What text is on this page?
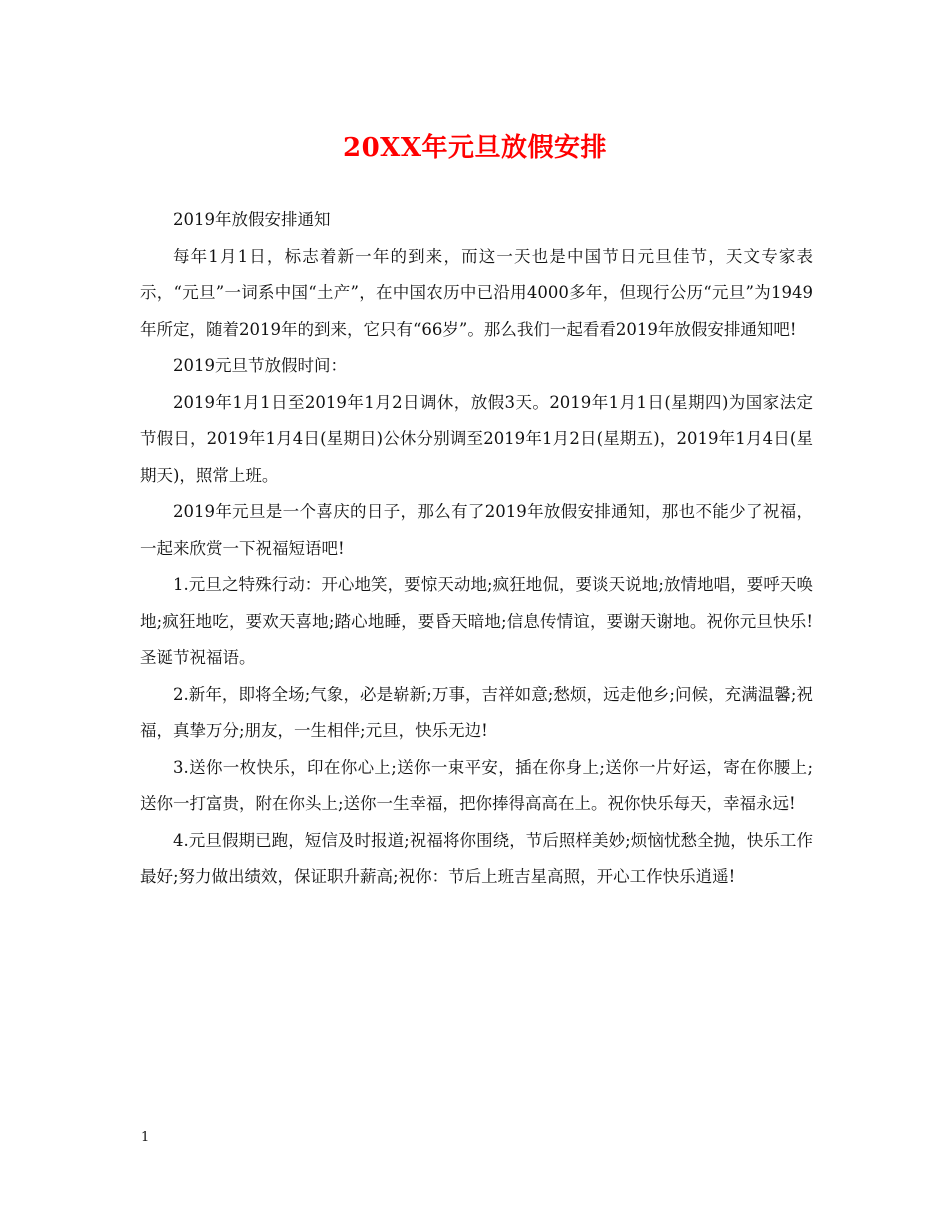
20XX年元旦放假安排

2019年放假安排通知

每年1月1日，标志着新一年的到来，而这一天也是中国节日元旦佳节，天文专家表示，“元旦”一词系中国“土产”，在中国农历中已沿用4000多年，但现行公历“元旦”为1949年所定，随着2019年的到来，它只有“66岁”。那么我们一起看看2019年放假安排通知吧!

2019元旦节放假时间：

2019年1月1日至2019年1月2日调休，放假3天。2019年1月1日(星期四)为国家法定节假日，2019年1月4日(星期日)公休分别调至2019年1月2日(星期五)，2019年1月4日(星期天)，照常上班。

2019年元旦是一个喜庆的日子，那么有了2019年放假安排通知，那也不能少了祝福，一起来欣赏一下祝福短语吧!

1.元旦之特殊行动：开心地笑，要惊天动地;疯狂地侃，要谈天说地;放情地唱，要呼天唤地;疯狂地吃，要欢天喜地;踏心地睡，要昏天暗地;信息传情谊，要谢天谢地。祝你元旦快乐!圣诞节祝福语。

2.新年，即将全场;气象，必是崭新;万事，吉祥如意;愁烦，远走他乡;问候，充满温馨;祝福，真挚万分;朋友，一生相伴;元旦，快乐无边!

3.送你一枚快乐，印在你心上;送你一束平安，插在你身上;送你一片好运，寄在你腰上;送你一打富贵，附在你头上;送你一生幸福，把你捧得高高在上。祝你快乐每天，幸福永远!

4.元旦假期已跑，短信及时报道;祝福将你围绕，节后照样美妙;烦恼忧愁全抛，快乐工作最好;努力做出绩效，保证职升薪高;祝你：节后上班吉星高照，开心工作快乐逍遥!

1
